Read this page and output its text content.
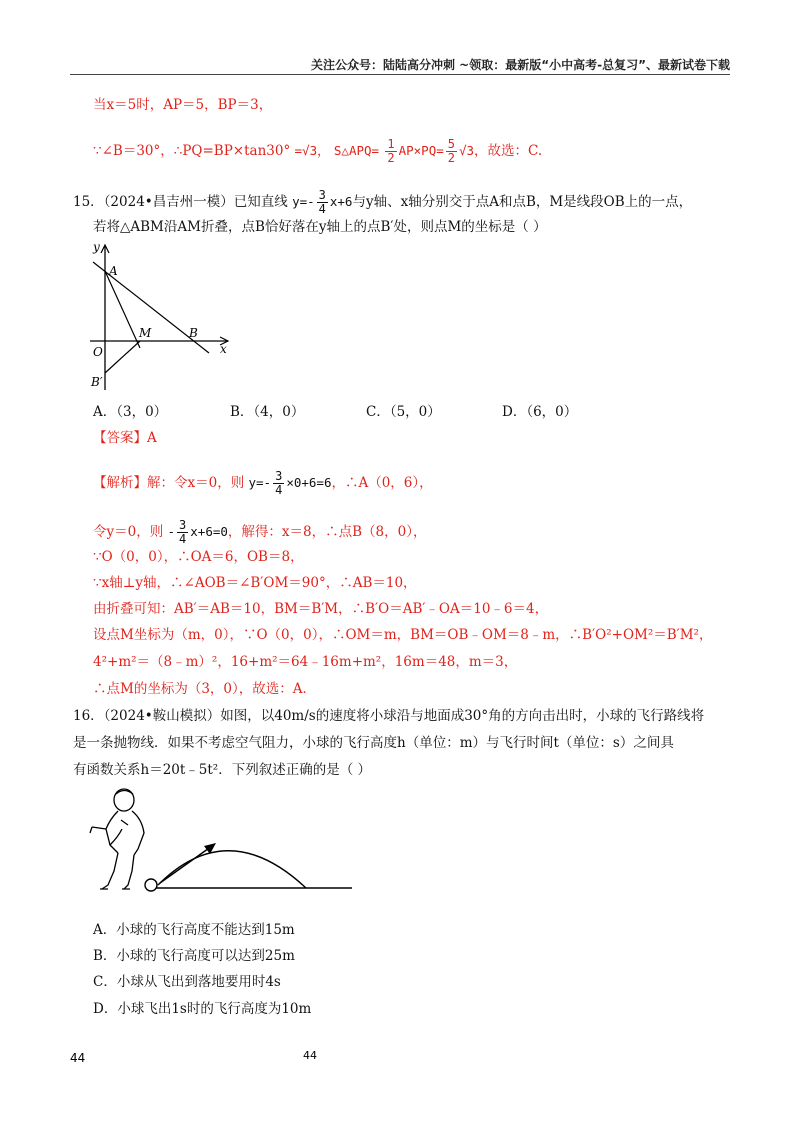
关注公众号：陆陆高分冲刺 ~领取：最新版“小中高考-总复习”、最新试卷下载
当x＝5时，AP＝5，BP＝3，
∵∠B＝30°，∴PQ=BP×tan30° =√3， S△APQ= $\frac{1}{2} AP\times PQ= \frac{5}{2} √3$，故选：C.
15．（2024•昌吉州一模）已知直线 $y=- \frac{3}{4} x+6$与y轴、x轴分别交于点A和点B，M是线段OB上的一点，
若将△ABM沿AM折叠，点B恰好落在y轴上的点B′处，则点M的坐标是（ ）
y
A
M	B
O	x
B′
A．（3，0）	B．（4，0）	C．（5，0）	D．（6，0）
【答案】A
【解析】解：令x＝0，则 $y=- \frac{3}{4} \times 0+6=6$，∴A（0，6），
令y＝0，则 - $\frac{3}{4} x+6=0$，解得：x＝8，∴点B（8，0），
∵O（0，0），∴OA＝6，OB＝8，
∵x轴⊥y轴，∴∠AOB＝∠B′OM＝90°，∴AB＝10，
由折叠可知：AB′＝AB＝10，BM＝B′M，∴B′O＝AB′﹣OA＝10﹣6＝4，
设点M坐标为（m，0），∵O（0，0），∴OM＝m，BM＝OB﹣OM＝8﹣m，∴B′O²+OM²＝B′M²，
4²+m²＝（8﹣m）²，16+m²＝64﹣16m+m²，16m＝48，m＝3，
∴点M的坐标为（3，0），故选：A．
16．（2024•鞍山模拟）如图，以40m/s的速度将小球沿与地面成30°角的方向击出时，小球的飞行路线将
是一条抛物线．如果不考虑空气阻力，小球的飞行高度h（单位：m）与飞行时间t（单位：s）之间具
有函数关系h＝20t﹣5t²．下列叙述正确的是（ ）
A．小球的飞行高度不能达到15m
B．小球的飞行高度可以达到25m
C．小球从飞出到落地要用时4s
D．小球飞出1s时的飞行高度为10m
44	44
